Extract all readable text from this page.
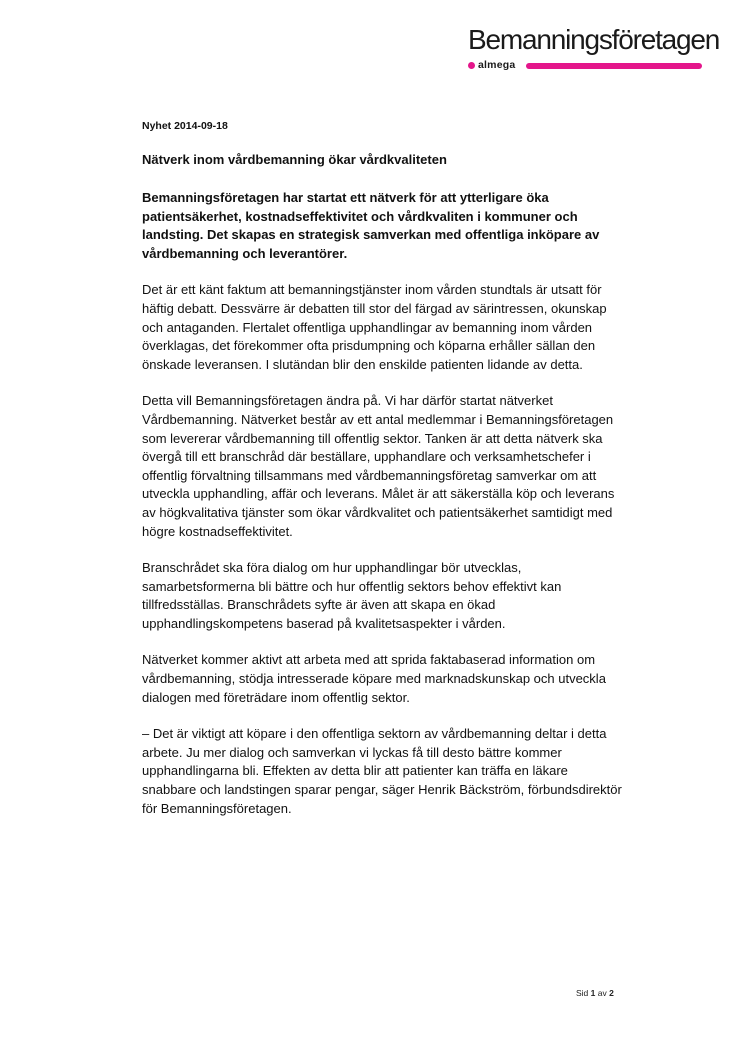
Bemanningsföretagen
almega

Nyhet 2014-09-18

Nätverk inom vårdbemanning ökar vårdkvaliteten

Bemanningsföretagen har startat ett nätverk för att ytterligare öka patientsäkerhet, kostnadseffektivitet och vårdkvaliten i kommuner och landsting. Det skapas en strategisk samverkan med offentliga inköpare av vårdbemanning och leverantörer.

Det är ett känt faktum att bemanningstjänster inom vården stundtals är utsatt för häftig debatt. Dessvärre är debatten till stor del färgad av särintressen, okunskap och antaganden. Flertalet offentliga upphandlingar av bemanning inom vården överklagas, det förekommer ofta prisdumpning och köparna erhåller sällan den önskade leveransen. I slutändan blir den enskilde patienten lidande av detta.

Detta vill Bemanningsföretagen ändra på. Vi har därför startat nätverket Vårdbemanning. Nätverket består av ett antal medlemmar i Bemanningsföretagen som levererar vårdbemanning till offentlig sektor. Tanken är att detta nätverk ska övergå till ett branschråd där beställare, upphandlare och verksamhetschefer i offentlig förvaltning tillsammans med vårdbemanningsföretag samverkar om att utveckla upphandling, affär och leverans. Målet är att säkerställa köp och leverans av högkvalitativa tjänster som ökar vårdkvalitet och patientsäkerhet samtidigt med högre kostnadseffektivitet.

Branschrådet ska föra dialog om hur upphandlingar bör utvecklas, samarbetsformerna bli bättre och hur offentlig sektors behov effektivt kan tillfredsställas. Branschrådets syfte är även att skapa en ökad upphandlingskompetens baserad på kvalitetsaspekter i vården.

Nätverket kommer aktivt att arbeta med att sprida faktabaserad information om vårdbemanning, stödja intresserade köpare med marknadskunskap och utveckla dialogen med företrädare inom offentlig sektor.

– Det är viktigt att köpare i den offentliga sektorn av vårdbemanning deltar i detta arbete. Ju mer dialog och samverkan vi lyckas få till desto bättre kommer upphandlingarna bli. Effekten av detta blir att patienter kan träffa en läkare snabbare och landstingen sparar pengar, säger Henrik Bäckström, förbundsdirektör för Bemanningsföretagen.

Sid 1 av 2
